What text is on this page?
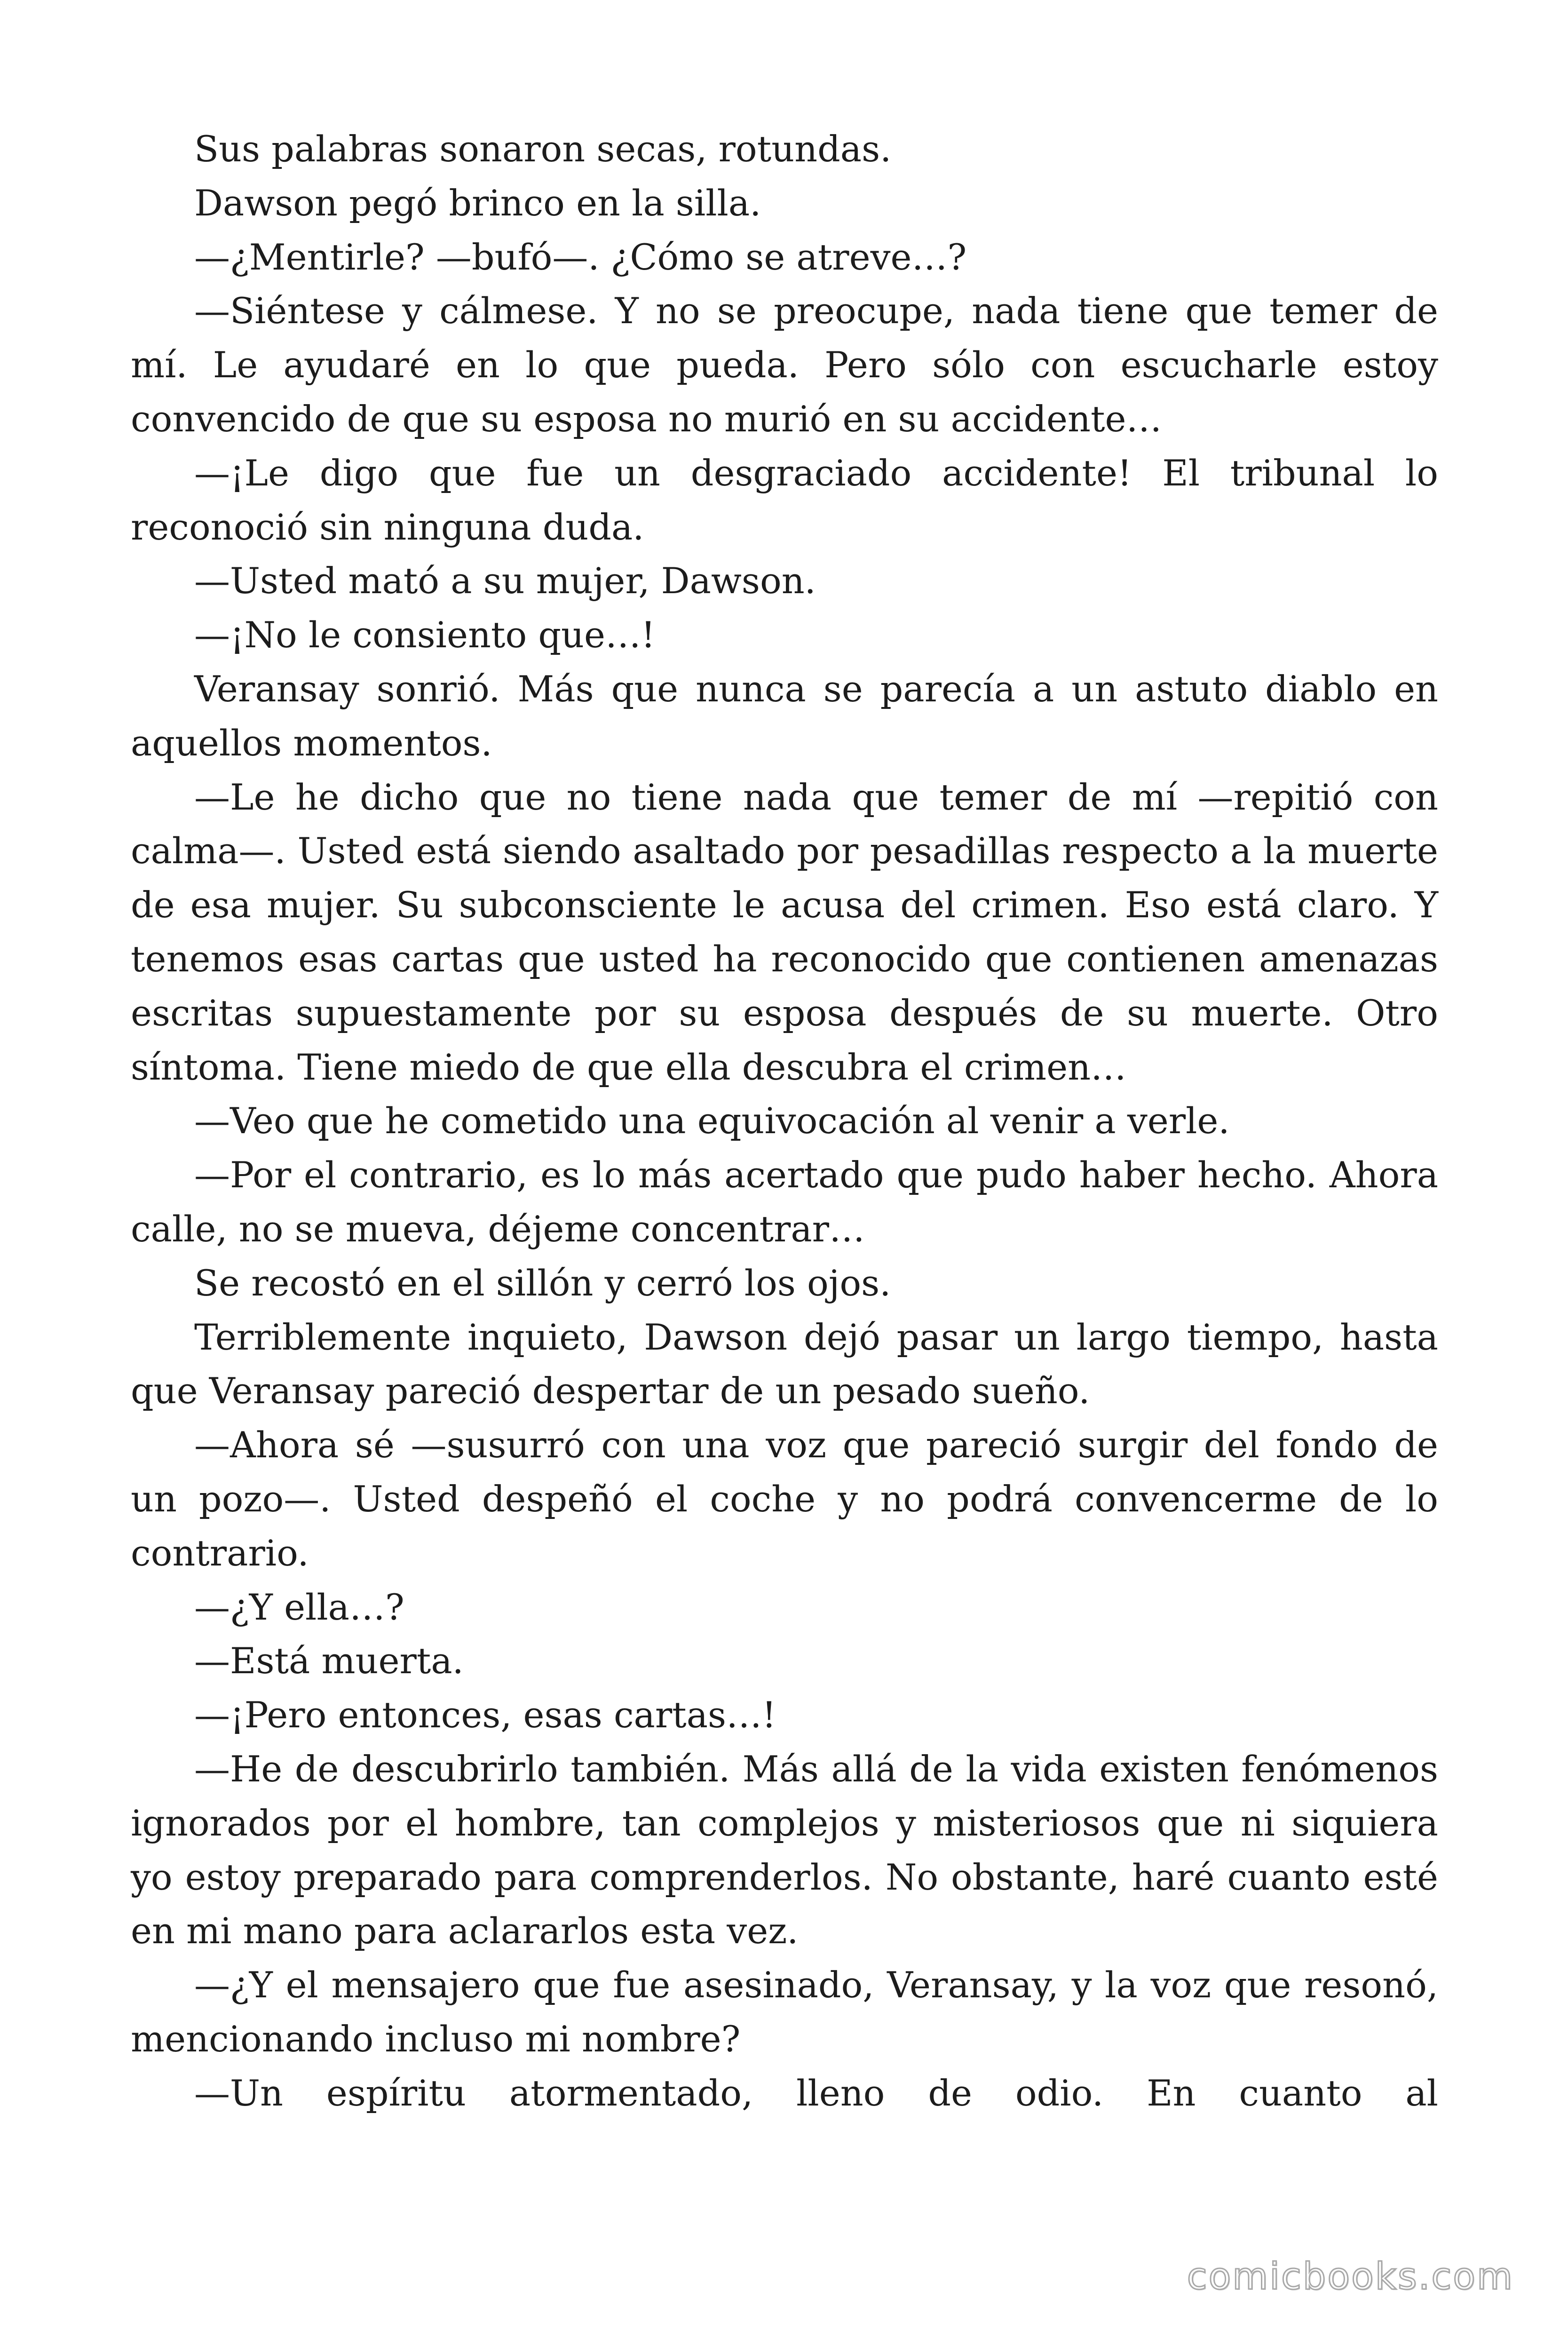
Sus palabras sonaron secas, rotundas.

Dawson pegó brinco en la silla.

—¿Mentirle? —bufó—. ¿Cómo se atreve…?

—Siéntese y cálmese. Y no se preocupe, nada tiene que temer de mí. Le ayudaré en lo que pueda. Pero sólo con escucharle estoy convencido de que su esposa no murió en su accidente…

—¡Le digo que fue un desgraciado accidente! El tribunal lo reconoció sin ninguna duda.

—Usted mató a su mujer, Dawson.

—¡No le consiento que…!

Veransay sonrió. Más que nunca se parecía a un astuto diablo en aquellos momentos.

—Le he dicho que no tiene nada que temer de mí —repitió con calma—. Usted está siendo asaltado por pesadillas respecto a la muerte de esa mujer. Su subconsciente le acusa del crimen. Eso está claro. Y tenemos esas cartas que usted ha reconocido que contienen amenazas escritas supuestamente por su esposa después de su muerte. Otro síntoma. Tiene miedo de que ella descubra el crimen…

—Veo que he cometido una equivocación al venir a verle.

—Por el contrario, es lo más acertado que pudo haber hecho. Ahora calle, no se mueva, déjeme concentrar…

Se recostó en el sillón y cerró los ojos.

Terriblemente inquieto, Dawson dejó pasar un largo tiempo, hasta que Veransay pareció despertar de un pesado sueño.

—Ahora sé —susurró con una voz que pareció surgir del fondo de un pozo—. Usted despeñó el coche y no podrá convencerme de lo contrario.

—¿Y ella…?

—Está muerta.

—¡Pero entonces, esas cartas…!

—He de descubrirlo también. Más allá de la vida existen fenómenos ignorados por el hombre, tan complejos y misteriosos que ni siquiera yo estoy preparado para comprenderlos. No obstante, haré cuanto esté en mi mano para aclararlos esta vez.

—¿Y el mensajero que fue asesinado, Veransay, y la voz que resonó, mencionando incluso mi nombre?

—Un espíritu atormentado, lleno de odio. En cuanto al

comicbooks.com
